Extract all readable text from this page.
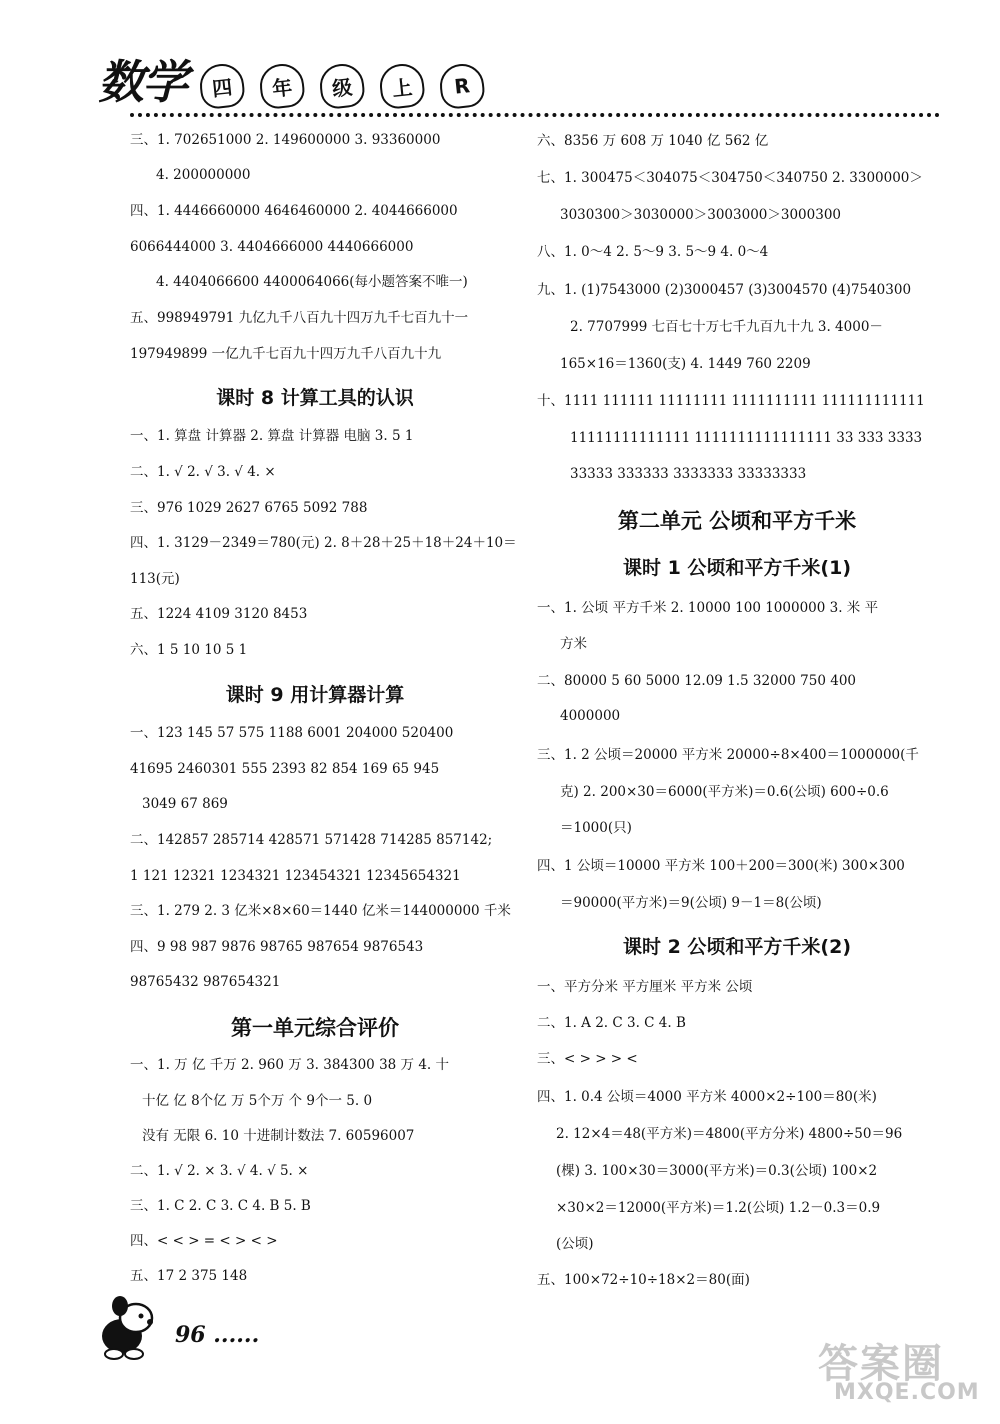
数学	四	年	级	上	R
三、1. 702651000 2. 149600000 3. 93360000
4. 200000000
四、1. 4446660000 4646460000 2. 4044666000
6066444000 3. 4404666000 4440666000
4. 4404066600 4400064066(每小题答案不唯一)
五、998949791 九亿九千八百九十四万九千七百九十一
197949899 一亿九千七百九十四万九千八百九十九
课时 8 计算工具的认识
一、1. 算盘 计算器 2. 算盘 计算器 电脑 3. 5 1
二、1. √ 2. √ 3. √ 4. ×
三、976 1029 2627 6765 5092 788
四、1. 3129－2349＝780(元) 2. 8＋28＋25＋18＋24＋10＝
113(元)
五、1224 4109 3120 8453
六、1 5 10 10 5 1
课时 9 用计算器计算
一、123 145 57 575 1188 6001 204000 520400
41695 2460301 555 2393 82 854 169 65 945
3049 67 869
二、142857 285714 428571 571428 714285 857142;
1 121 12321 1234321 123454321 12345654321
三、1. 279 2. 3 亿米×8×60＝1440 亿米＝144000000 千米
四、9 98 987 9876 98765 987654 9876543
98765432 987654321
第一单元综合评价
一、1. 万 亿 千万 2. 960 万 3. 384300 38 万 4. 十
十亿 亿 8个亿 万 5个万 个 9个一 5. 0
没有 无限 6. 10 十进制计数法 7. 60596007
二、1. √ 2. × 3. √ 4. √ 5. ×
三、1. C 2. C 3. C 4. B 5. B
四、< < > = < > < >
五、17 2 375 148
六、8356 万 608 万 1040 亿 562 亿
七、1. 300475＜304075＜304750＜340750 2. 3300000＞
3030300＞3030000＞3003000＞3000300
八、1. 0～4 2. 5～9 3. 5～9 4. 0～4
九、1. (1)7543000 (2)3000457 (3)3004570 (4)7540300
2. 7707999 七百七十万七千九百九十九 3. 4000－
165×16＝1360(支) 4. 1449 760 2209
十、1111 111111 11111111 1111111111 111111111111
11111111111111 1111111111111111 33 333 3333
33333 333333 3333333 33333333
第二单元 公顷和平方千米
课时 1 公顷和平方千米(1)
一、1. 公顷 平方千米 2. 10000 100 1000000 3. 米 平
方米
二、80000 5 60 5000 12.09 1.5 32000 750 400
4000000
三、1. 2 公顷＝20000 平方米 20000÷8×400＝1000000(千
克) 2. 200×30＝6000(平方米)＝0.6(公顷) 600÷0.6
＝1000(只)
四、1 公顷＝10000 平方米 100＋200＝300(米) 300×300
＝90000(平方米)＝9(公顷) 9－1＝8(公顷)
课时 2 公顷和平方千米(2)
一、平方分米 平方厘米 平方米 公顷
二、1. A 2. C 3. C 4. B
三、< > > > <
四、1. 0.4 公顷＝4000 平方米 4000×2÷100＝80(米)
2. 12×4＝48(平方米)＝4800(平方分米) 4800÷50＝96
(棵) 3. 100×30＝3000(平方米)＝0.3(公顷) 100×2
×30×2＝12000(平方米)＝1.2(公顷) 1.2－0.3＝0.9
(公顷)
五、100×72÷10÷18×2＝80(面)
96 ......
答案圈
MXQE.COM
